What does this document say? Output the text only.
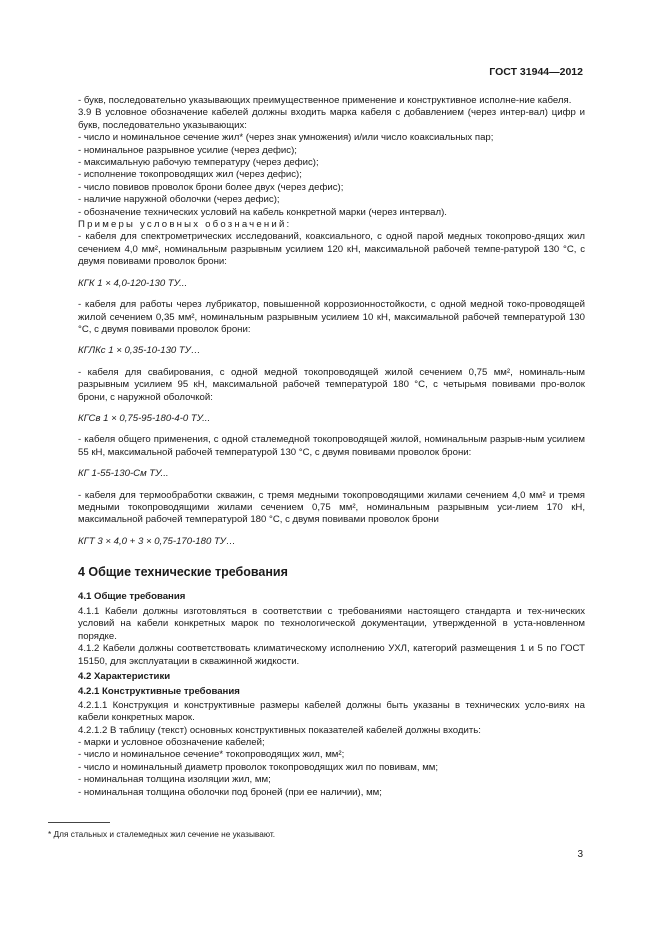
ГОСТ 31944—2012

- букв, последовательно указывающих преимущественное применение и конструктивное исполне-ние кабеля.

3.9 В условное обозначение кабелей должны входить марка кабеля с добавлением (через интер-вал) цифр и букв, последовательно указывающих:

- число и номинальное сечение жил* (через знак умножения) и/или число коаксиальных пар;

- номинальное разрывное усилие (через дефис);

- максимальную рабочую температуру (через дефис);

- исполнение токопроводящих жил (через дефис);

- число повивов проволок брони более двух (через дефис);

- наличие наружной оболочки (через дефис);

- обозначение технических условий на кабель конкретной марки (через интервал).

Примеры условных обозначений:

- кабеля для спектрометрических исследований, коаксиального, с одной парой медных токопрово-дящих жил сечением 4,0 мм², номинальным разрывным усилием 120 кН, максимальной рабочей темпе-ратурой 130 °С, с двумя повивами проволок брони:

КГК 1 × 4,0-120-130 ТУ...

- кабеля для работы через лубрикатор, повышенной коррозионностойкости, с одной медной токо-проводящей жилой сечением 0,35 мм², номинальным разрывным усилием 10 кН, максимальной рабочей температурой 130 °С, с двумя повивами проволок брони:

КГЛКс 1 × 0,35-10-130 ТУ…

- кабеля для свабирования, с одной медной токопроводящей жилой сечением 0,75 мм², номиналь-ным разрывным усилием 95 кН, максимальной рабочей температурой 180 °С, с четырьмя повивами про-волок брони, с наружной оболочкой:

КГСв 1 × 0,75-95-180-4-0 ТУ...

- кабеля общего применения, с одной сталемедной токопроводящей жилой, номинальным разрыв-ным усилием 55 кН, максимальной рабочей температурой 130 °С, с двумя повивами проволок брони:

КГ 1-55-130-См ТУ...

- кабеля для термообработки скважин, с тремя медными токопроводящими жилами сечением 4,0 мм² и тремя медными токопроводящими жилами сечением 0,75 мм², номинальным разрывным уси-лием 170 кН, максимальной рабочей температурой 180 °С, с двумя повивами проволок брони

КГТ 3 × 4,0 + 3 × 0,75-170-180 ТУ…

4 Общие технические требования
4.1 Общие требования

4.1.1 Кабели должны изготовляться в соответствии с требованиями настоящего стандарта и тех-нических условий на кабели конкретных марок по технологической документации, утвержденной в уста-новленном порядке.

4.1.2 Кабели должны соответствовать климатическому исполнению УХЛ, категорий размещения 1 и 5 по ГОСТ 15150, для эксплуатации в скважинной жидкости.

4.2 Характеристики
4.2.1 Конструктивные требования

4.2.1.1 Конструкция и конструктивные размеры кабелей должны быть указаны в технических усло-виях на кабели конкретных марок.

4.2.1.2 В таблицу (текст) основных конструктивных показателей кабелей должны входить:

- марки и условное обозначение кабелей;

- число и номинальное сечение* токопроводящих жил, мм²;

- число и номинальный диаметр проволок токопроводящих жил по повивам, мм;

- номинальная толщина изоляции жил, мм;

- номинальная толщина оболочки под броней (при ее наличии), мм;

* Для стальных и сталемедных жил сечение не указывают.
3
